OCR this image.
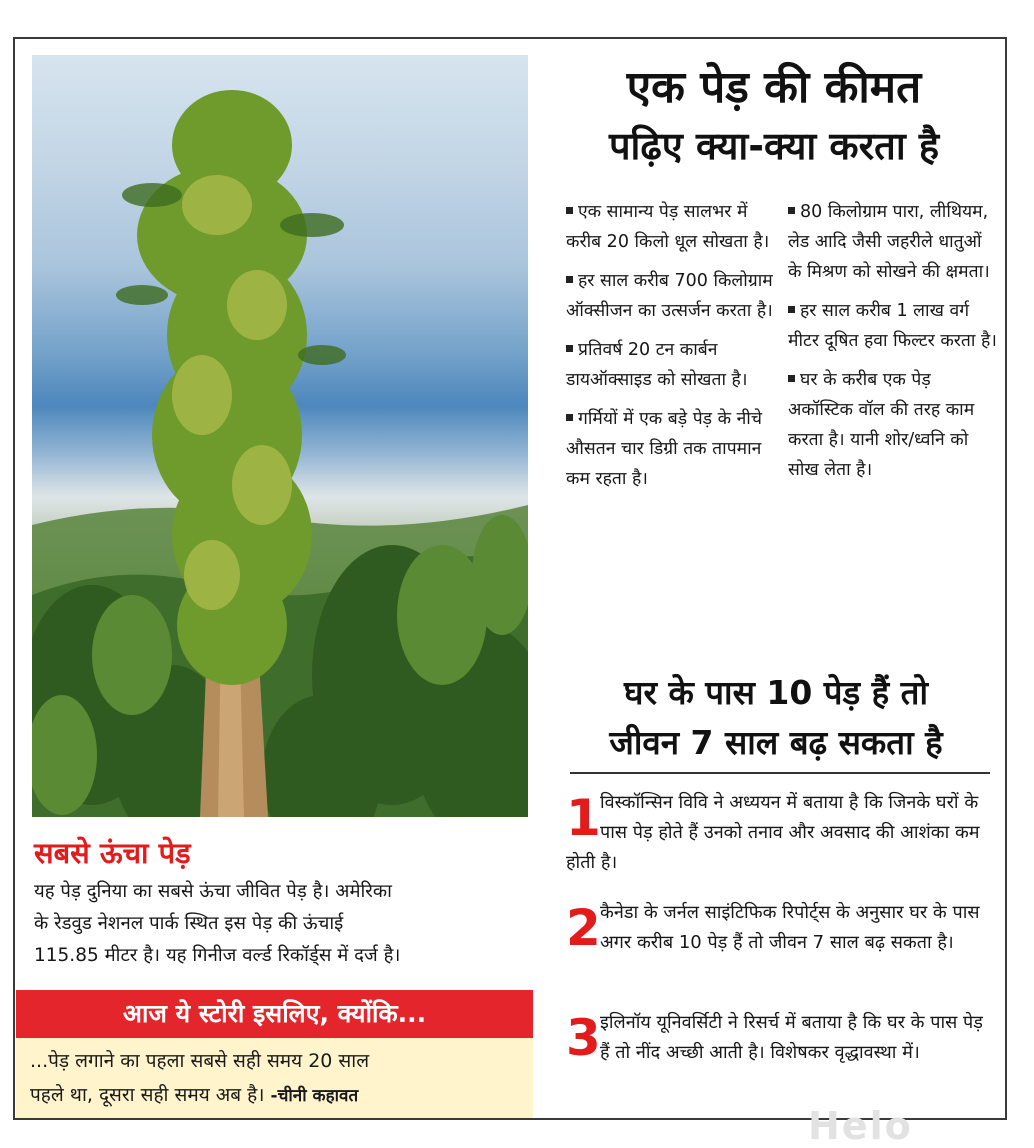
सबसे ऊंचा पेड़
यह पेड़ दुनिया का सबसे ऊंचा जीवित पेड़ है। अमेरिका
के रेडवुड नेशनल पार्क स्थित इस पेड़ की ऊंचाई
115.85 मीटर है। यह गिनीज वर्ल्ड रिकॉर्ड्स में दर्ज है।
आज ये स्टोरी इसलिए, क्योंकि...
...पेड़ लगाने का पहला सबसे सही समय 20 साल
पहले था, दूसरा सही समय अब है। -चीनी कहावत
एक पेड़ की कीमत
पढ़िए क्या-क्या करता है
एक सामान्य पेड़ सालभर में करीब 20 किलो धूल सोखता है।
हर साल करीब 700 किलोग्राम ऑक्सीजन का उत्सर्जन करता है।
प्रतिवर्ष 20 टन कार्बन डायऑक्साइड को सोखता है।
गर्मियों में एक बड़े पेड़ के नीचे औसतन चार डिग्री तक तापमान कम रहता है।
80 किलोग्राम पारा, लीथियम, लेड आदि जैसी जहरीले धातुओं के मिश्रण को सोखने की क्षमता।
हर साल करीब 1 लाख वर्ग मीटर दूषित हवा फिल्टर करता है।
घर के करीब एक पेड़ अकॉस्टिक वॉल की तरह काम करता है। यानी शोर/ध्वनि को सोख लेता है।
घर के पास 10 पेड़ हैं तो
जीवन 7 साल बढ़ सकता है
1 विस्कॉन्सिन विवि ने अध्ययन में बताया है कि जिनके घरों के पास पेड़ होते हैं उनको तनाव और अवसाद की आशंका कम होती है।
2 कैनेडा के जर्नल साइंटिफिक रिपोर्ट्स के अनुसार घर के पास अगर करीब 10 पेड़ हैं तो जीवन 7 साल बढ़ सकता है।
3 इलिनॉय यूनिवर्सिटी ने रिसर्च में बताया है कि घर के पास पेड़ हैं तो नींद अच्छी आती है। विशेषकर वृद्धावस्था में।
Helo
